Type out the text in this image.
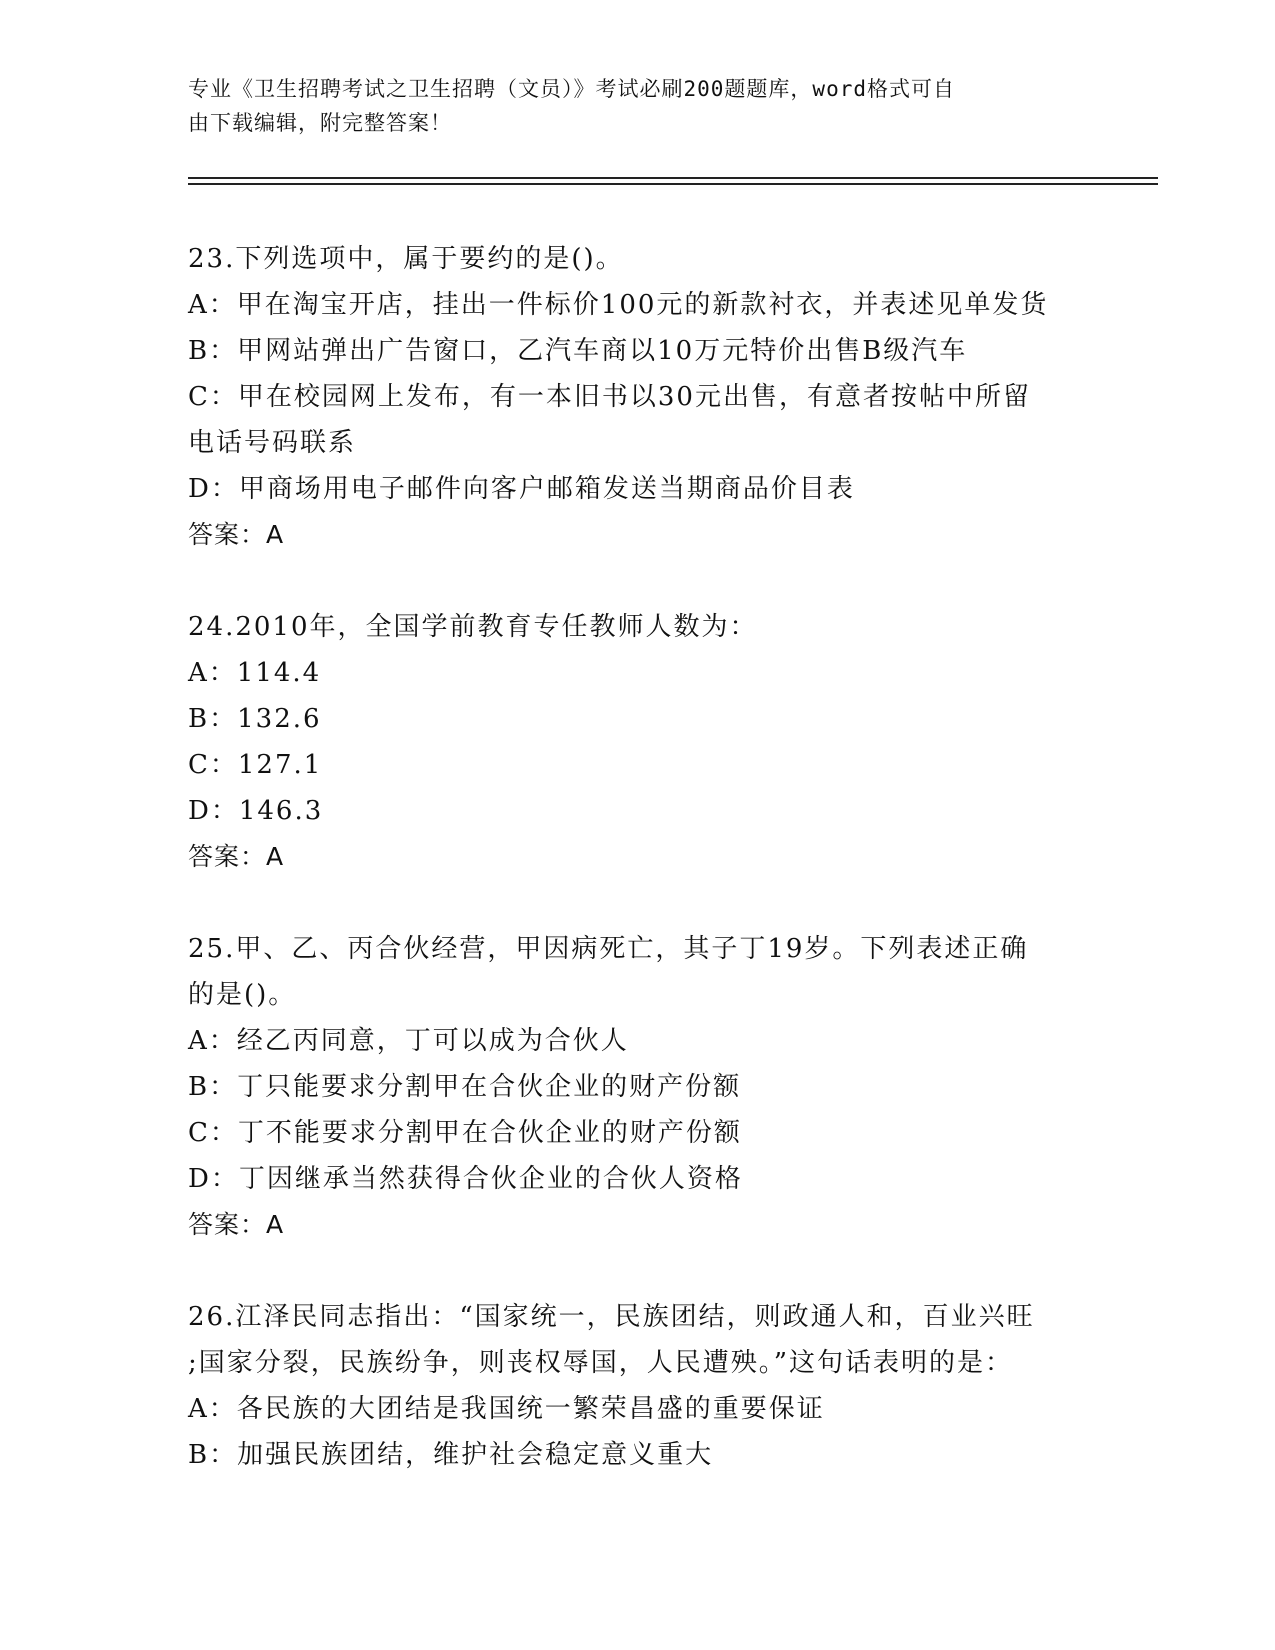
专业《卫生招聘考试之卫生招聘（文员）》考试必刷200题题库，word格式可自
由下载编辑，附完整答案！
23.下列选项中，属于要约的是()。
A：甲在淘宝开店，挂出一件标价100元的新款衬衣，并表述见单发货
B：甲网站弹出广告窗口，乙汽车商以10万元特价出售B级汽车
C：甲在校园网上发布，有一本旧书以30元出售，有意者按帖中所留
电话号码联系
D：甲商场用电子邮件向客户邮箱发送当期商品价目表
答案：A
24.2010年，全国学前教育专任教师人数为：
A：114.4
B：132.6
C：127.1
D：146.3
答案：A
25.甲、乙、丙合伙经营，甲因病死亡，其子丁19岁。下列表述正确
的是()。
A：经乙丙同意，丁可以成为合伙人
B：丁只能要求分割甲在合伙企业的财产份额
C：丁不能要求分割甲在合伙企业的财产份额
D：丁因继承当然获得合伙企业的合伙人资格
答案：A
26.江泽民同志指出：“国家统一，民族团结，则政通人和，百业兴旺
;国家分裂，民族纷争，则丧权辱国，人民遭殃。”这句话表明的是：
A：各民族的大团结是我国统一繁荣昌盛的重要保证
B：加强民族团结，维护社会稳定意义重大
